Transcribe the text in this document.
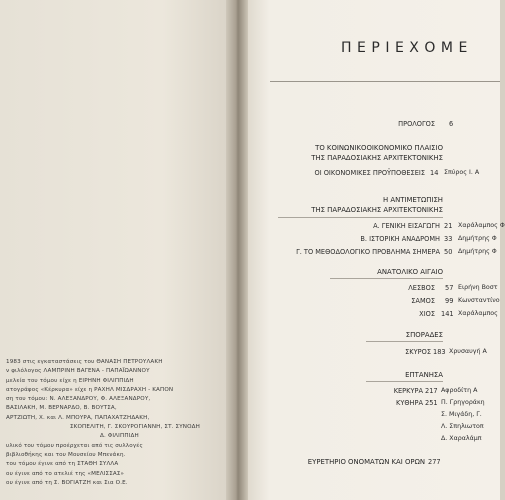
1983 στις εγκαταστάσεις του ΘΑΝΑΣΗ ΠΕΤΡΟΥΛΑΚΗ
ν φιλόλογος ΛΑΜΠΡΙΝΗ ΒΑΓΕΝΑ - ΠΑΠΑΪΩΑΝΝΟΥ
μελεία του τόμου είχε η ΕΙΡΗΝΗ ΦΙΛΙΠΠΙΔΗ
ατογράφος «Κέρκυρα» είχε η ΡΑΧΗΛ ΜΙΣΔΡΑΧΗ - ΚΑΠΟΝ
ση του τόμου: Ν. ΑΛΕΞΑΝΔΡΟΥ, Φ. ΑΛΕΞΑΝΔΡΟΥ,
ΒΑΣΙΛΑΚΗ, Μ. ΒΕΡΝΑΡΔΟ, Β. ΒΟΥΤΣΑ,
ΑΡΤΖΙΩΤΗ, Χ. και Λ. ΜΠΟΥΡΑ, ΠΑΠΑΧΑΤΖΗΔΑΚΗ,
ΣΚΟΠΕΛΙΤΗ, Γ. ΣΚΟΥΡΟΓΙΑΝΝΗ, ΣΤ. ΣΥΝΟΔΗ
Δ. ΦΙΛΙΠΠΙΔΗ
υλικό του τόμου προέρχεται από τις συλλογές
βιβλιοθήκης και του Μουσείου Μπενάκη.
του τόμου έγινε από τη ΣΤΑΘΗ ΣΥΛΛΑ
ου έγινε από το ατελιέ της «ΜΕΛΙΣΣΑΣ»
ου έγινε από τη Σ. ΒΟΓΙΑΤΖΗ και Σια Ο.Ε.
ΠΕΡΙΕΧΟΜΕ
ΠΡΟΛΟΓΟΣ 6
ΤΟ ΚΟΙΝΩΝΙΚΟΟΙΚΟΝΟΜΙΚΟ ΠΛΑΙΣΙΟ
ΤΗΣ ΠΑΡΑΔΟΣΙΑΚΗΣ ΑΡΧΙΤΕΚΤΟΝΙΚΗΣ
ΟΙ ΟΙΚΟΝΟΜΙΚΕΣ ΠΡΟΫΠΟΘΕΣΕΙΣ 14 Σπύρος Ι. Α
Η ΑΝΤΙΜΕΤΩΠΙΣΗ
ΤΗΣ ΠΑΡΑΔΟΣΙΑΚΗΣ ΑΡΧΙΤΕΚΤΟΝΙΚΗΣ
Α. ΓΕΝΙΚΗ ΕΙΣΑΓΩΓΗ 21 Χαράλαμπος Φ
Β. ΙΣΤΟΡΙΚΗ ΑΝΑΔΡΟΜΗ 33 Δημήτρης Φ
Γ. ΤΟ ΜΕΘΟΔΟΛΟΓΙΚΟ ΠΡΟΒΛΗΜΑ ΣΗΜΕΡΑ 50 Δημήτρης Φ
ΑΝΑΤΟΛΙΚΟ ΑΙΓΑΙΟ
ΛΕΣΒΟΣ 57 Ειρήνη Βοστ
ΣΑΜΟΣ 99 Κωνσταντίνο
ΧΙΟΣ 141 Χαράλαμπος
ΣΠΟΡΑΔΕΣ
ΣΚΥΡΟΣ 183 Χρυσαυγή Α
ΕΠΤΑΝΗΣΑ
ΚΕΡΚΥΡΑ 217 Αφροδίτη Α
ΚΥΘΗΡΑ 251 Π. Γρηγοράκη
Σ. Μιγάδη, Γ.
Λ. Σπηλιωτοπ
Δ. Χαραλάμπ
ΕΥΡΕΤΗΡΙΟ ΟΝΟΜΑΤΩΝ ΚΑΙ ΟΡΩΝ 277
